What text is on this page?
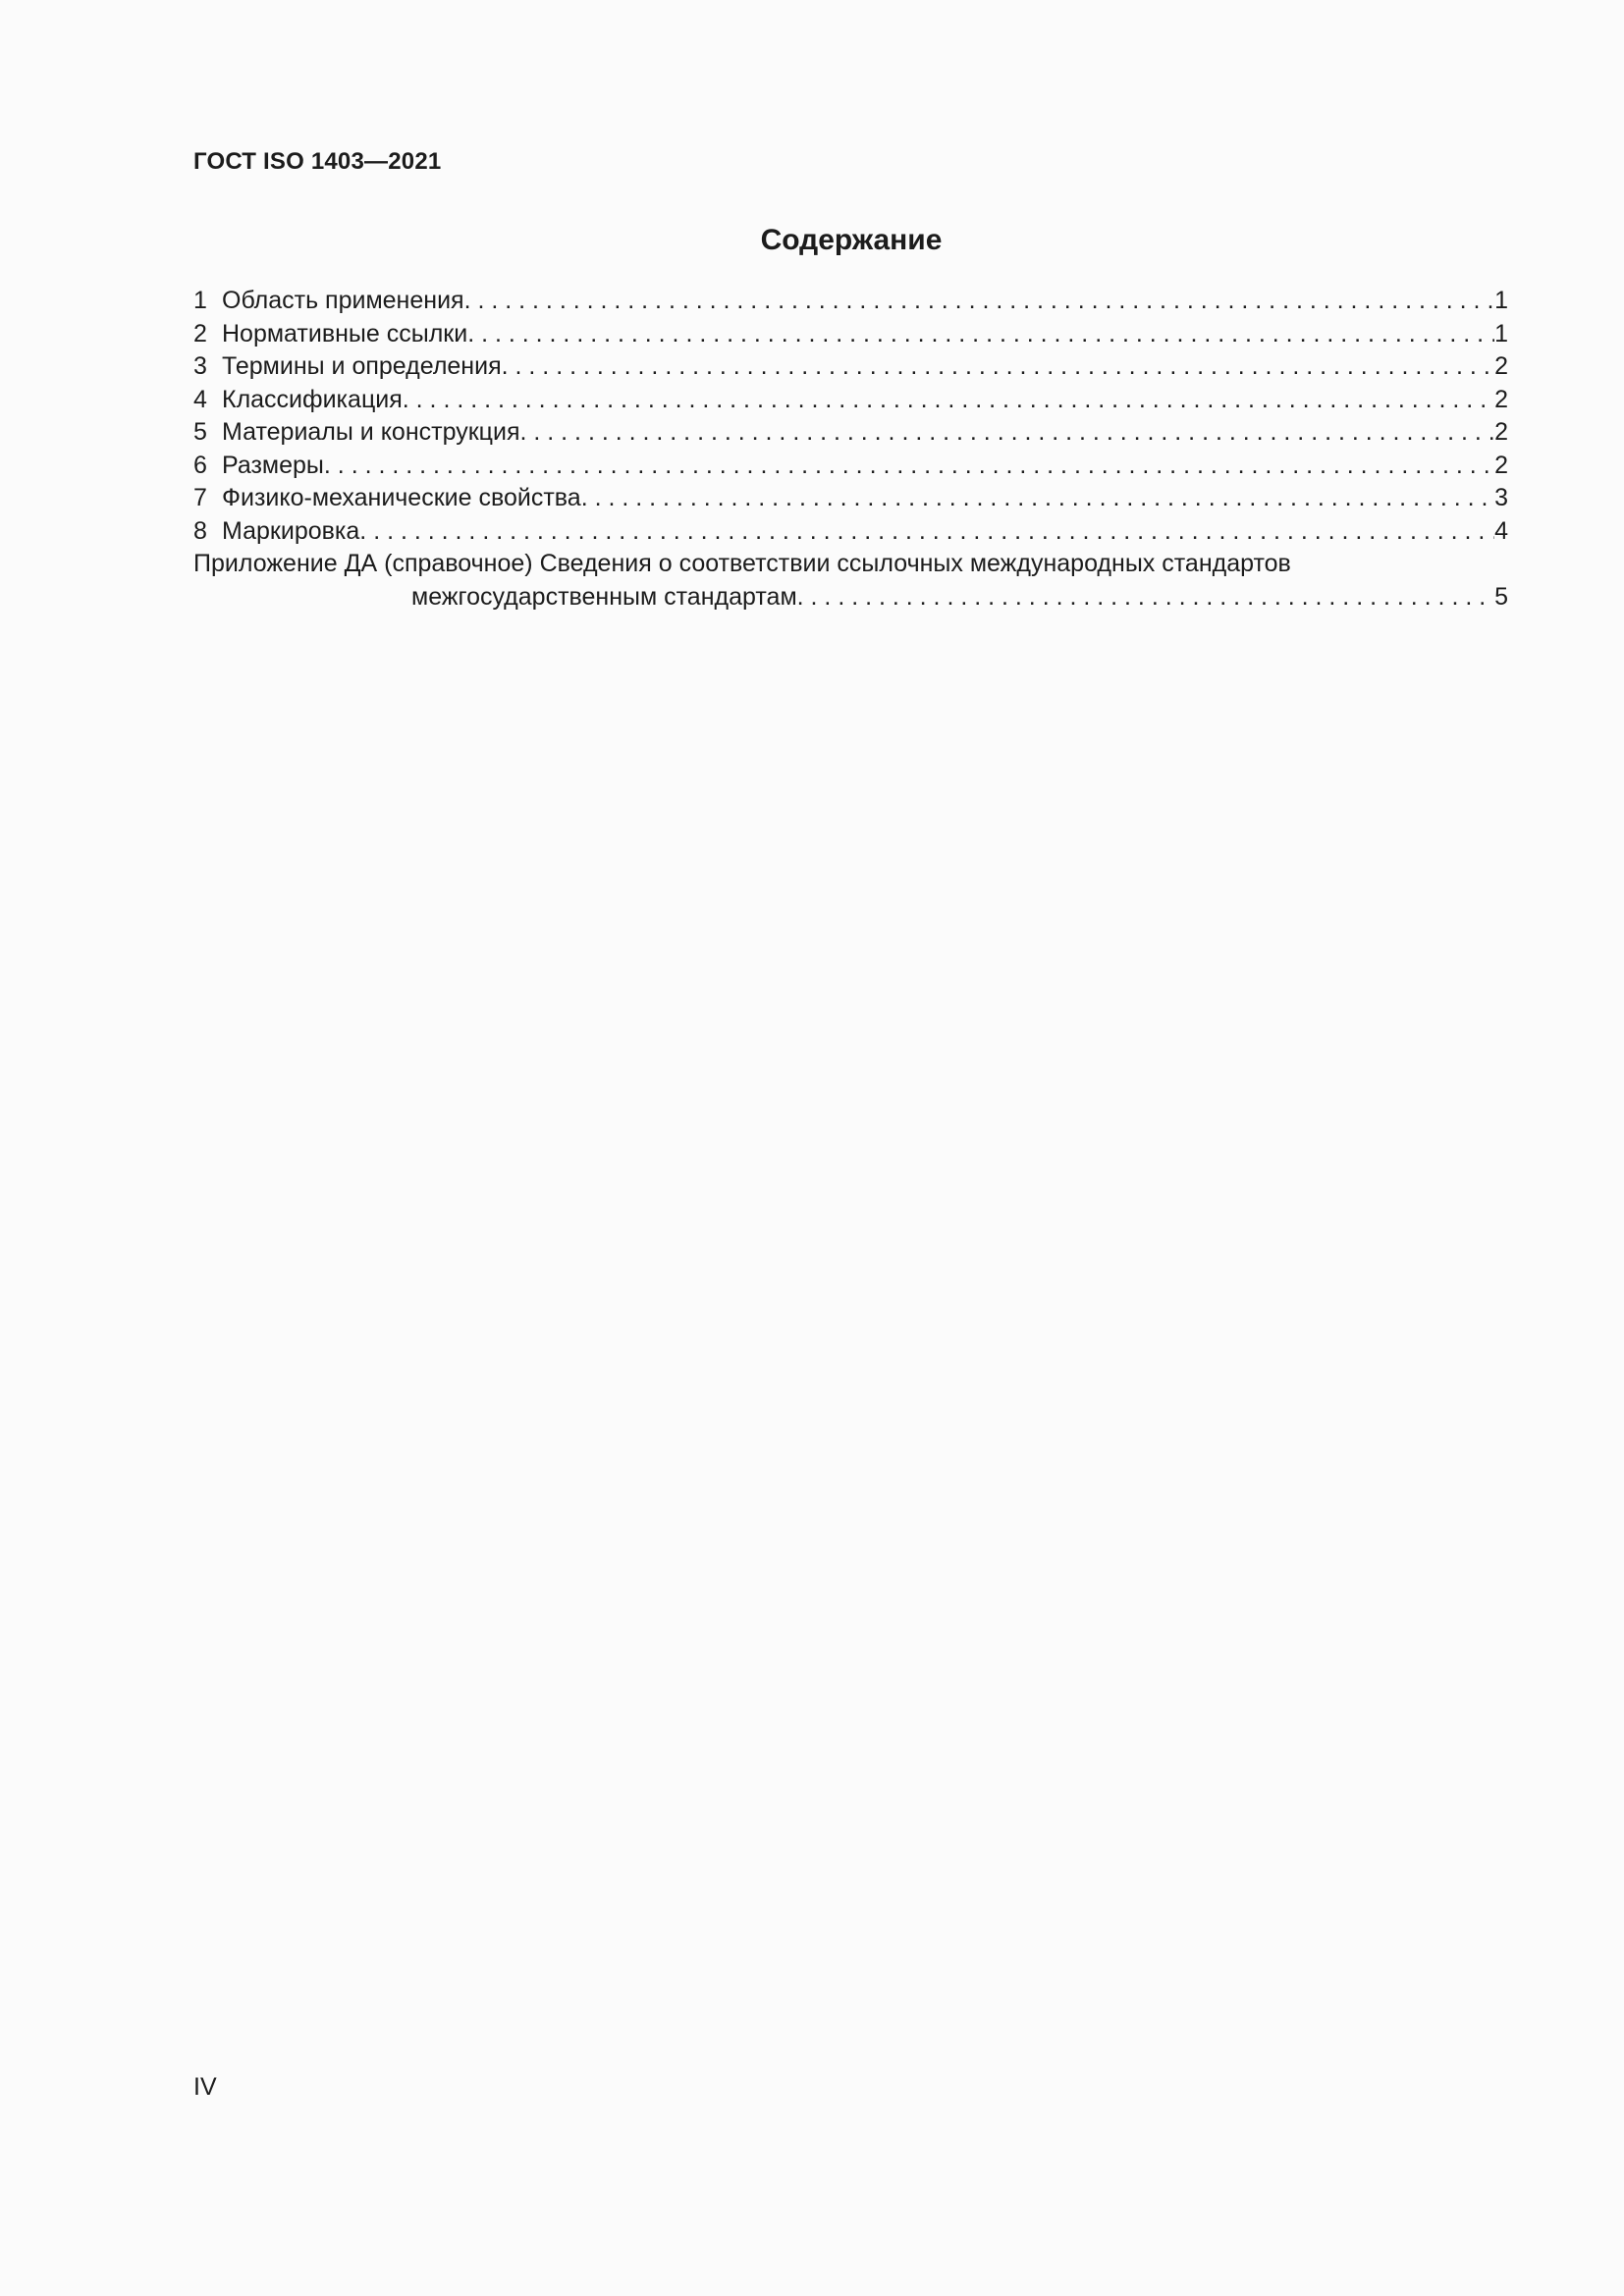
ГОСТ ISO 1403—2021
Содержание
1 Область применения . . .	1
2 Нормативные ссылки . . .	1
3 Термины и определения . . .	2
4 Классификация . . .	2
5 Материалы и конструкция . . .	2
6 Размеры . . .	2
7 Физико-механические свойства . . .	3
8 Маркировка . . .	4
Приложение ДА (справочное) Сведения о соответствии ссылочных международных стандартов
межгосударственным стандартам . . .	5
IV
